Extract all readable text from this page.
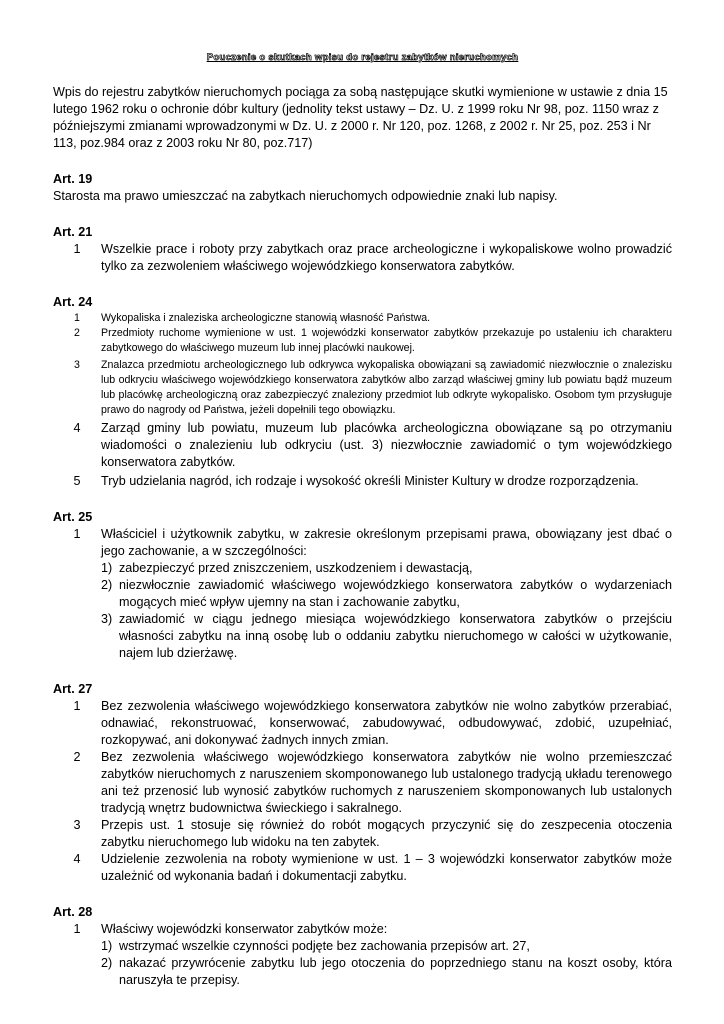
Pouczenie o skutkach wpisu do rejestru zabytków nieruchomych

Wpis do rejestru zabytków nieruchomych pociąga za sobą następujące skutki wymienione w ustawie z dnia 15 lutego 1962 roku o ochronie dóbr kultury (jednolity tekst ustawy – Dz. U. z 1999 roku Nr 98, poz. 1150 wraz z późniejszymi zmianami wprowadzonymi w Dz. U. z 2000 r. Nr 120, poz. 1268, z 2002 r. Nr 25, poz. 253 i Nr 113, poz.984 oraz z 2003 roku Nr 80, poz.717)

Art. 19

Starosta ma prawo umieszczać na zabytkach nieruchomych odpowiednie znaki lub napisy.

Art. 21

1	Wszelkie prace i roboty przy zabytkach oraz prace archeologiczne i wykopaliskowe wolno prowadzić tylko za zezwoleniem właściwego wojewódzkiego konserwatora zabytków.

Art. 24

1	Wykopaliska i znaleziska archeologiczne stanowią własność Państwa.
2	Przedmioty ruchome wymienione w ust. 1 wojewódzki konserwator zabytków przekazuje po ustaleniu ich charakteru zabytkowego do właściwego muzeum lub innej placówki naukowej.
3	Znalazca przedmiotu archeologicznego lub odkrywca wykopaliska obowiązani są zawiadomić niezwłocznie o znalezisku lub odkryciu właściwego wojewódzkiego konserwatora zabytków albo zarząd właściwej gminy lub powiatu bądź muzeum lub placówkę archeologiczną oraz zabezpieczyć znaleziony przedmiot lub odkryte wykopalisko. Osobom tym przysługuje prawo do nagrody od Państwa, jeżeli dopełnili tego obowiązku.
4	Zarząd gminy lub powiatu, muzeum lub placówka archeologiczna obowiązane są po otrzymaniu wiadomości o znalezieniu lub odkryciu (ust. 3) niezwłocznie zawiadomić o tym wojewódzkiego konserwatora zabytków.
5	Tryb udzielania nagród, ich rodzaje i wysokość określi Minister Kultury w drodze rozporządzenia.

Art. 25

1	Właściciel i użytkownik zabytku, w zakresie określonym przepisami prawa, obowiązany jest dbać o jego zachowanie, a w szczególności:
1) zabezpieczyć przed zniszczeniem, uszkodzeniem i dewastacją,
2) niezwłocznie zawiadomić właściwego wojewódzkiego konserwatora zabytków o wydarzeniach mogących mieć wpływ ujemny na stan i zachowanie zabytku,
3) zawiadomić w ciągu jednego miesiąca wojewódzkiego konserwatora zabytków o przejściu własności zabytku na inną osobę lub o oddaniu zabytku nieruchomego w całości w użytkowanie, najem lub dzierżawę.

Art. 27

1	Bez zezwolenia właściwego wojewódzkiego konserwatora zabytków nie wolno zabytków przerabiać, odnawiać, rekonstruować, konserwować, zabudowywać, odbudowywać, zdobić, uzupełniać, rozkopywać, ani dokonywać żadnych innych zmian.
2	Bez zezwolenia właściwego wojewódzkiego konserwatora zabytków nie wolno przemieszczać zabytków nieruchomych z naruszeniem skomponowanego lub ustalonego tradycją układu terenowego ani też przenosić lub wynosić zabytków ruchomych z naruszeniem skomponowanych lub ustalonych tradycją wnętrz budownictwa świeckiego i sakralnego.
3	Przepis ust. 1 stosuje się również do robót mogących przyczynić się do zeszpecenia otoczenia zabytku nieruchomego lub widoku na ten zabytek.
4	Udzielenie zezwolenia na roboty wymienione w ust. 1 – 3 wojewódzki konserwator zabytków może uzależnić od wykonania badań i dokumentacji zabytku.

Art. 28

1	Właściwy wojewódzki konserwator zabytków może:
1) wstrzymać wszelkie czynności podjęte bez zachowania przepisów art. 27,
2) nakazać przywrócenie zabytku lub jego otoczenia do poprzedniego stanu na koszt osoby, która naruszyła te przepisy.
